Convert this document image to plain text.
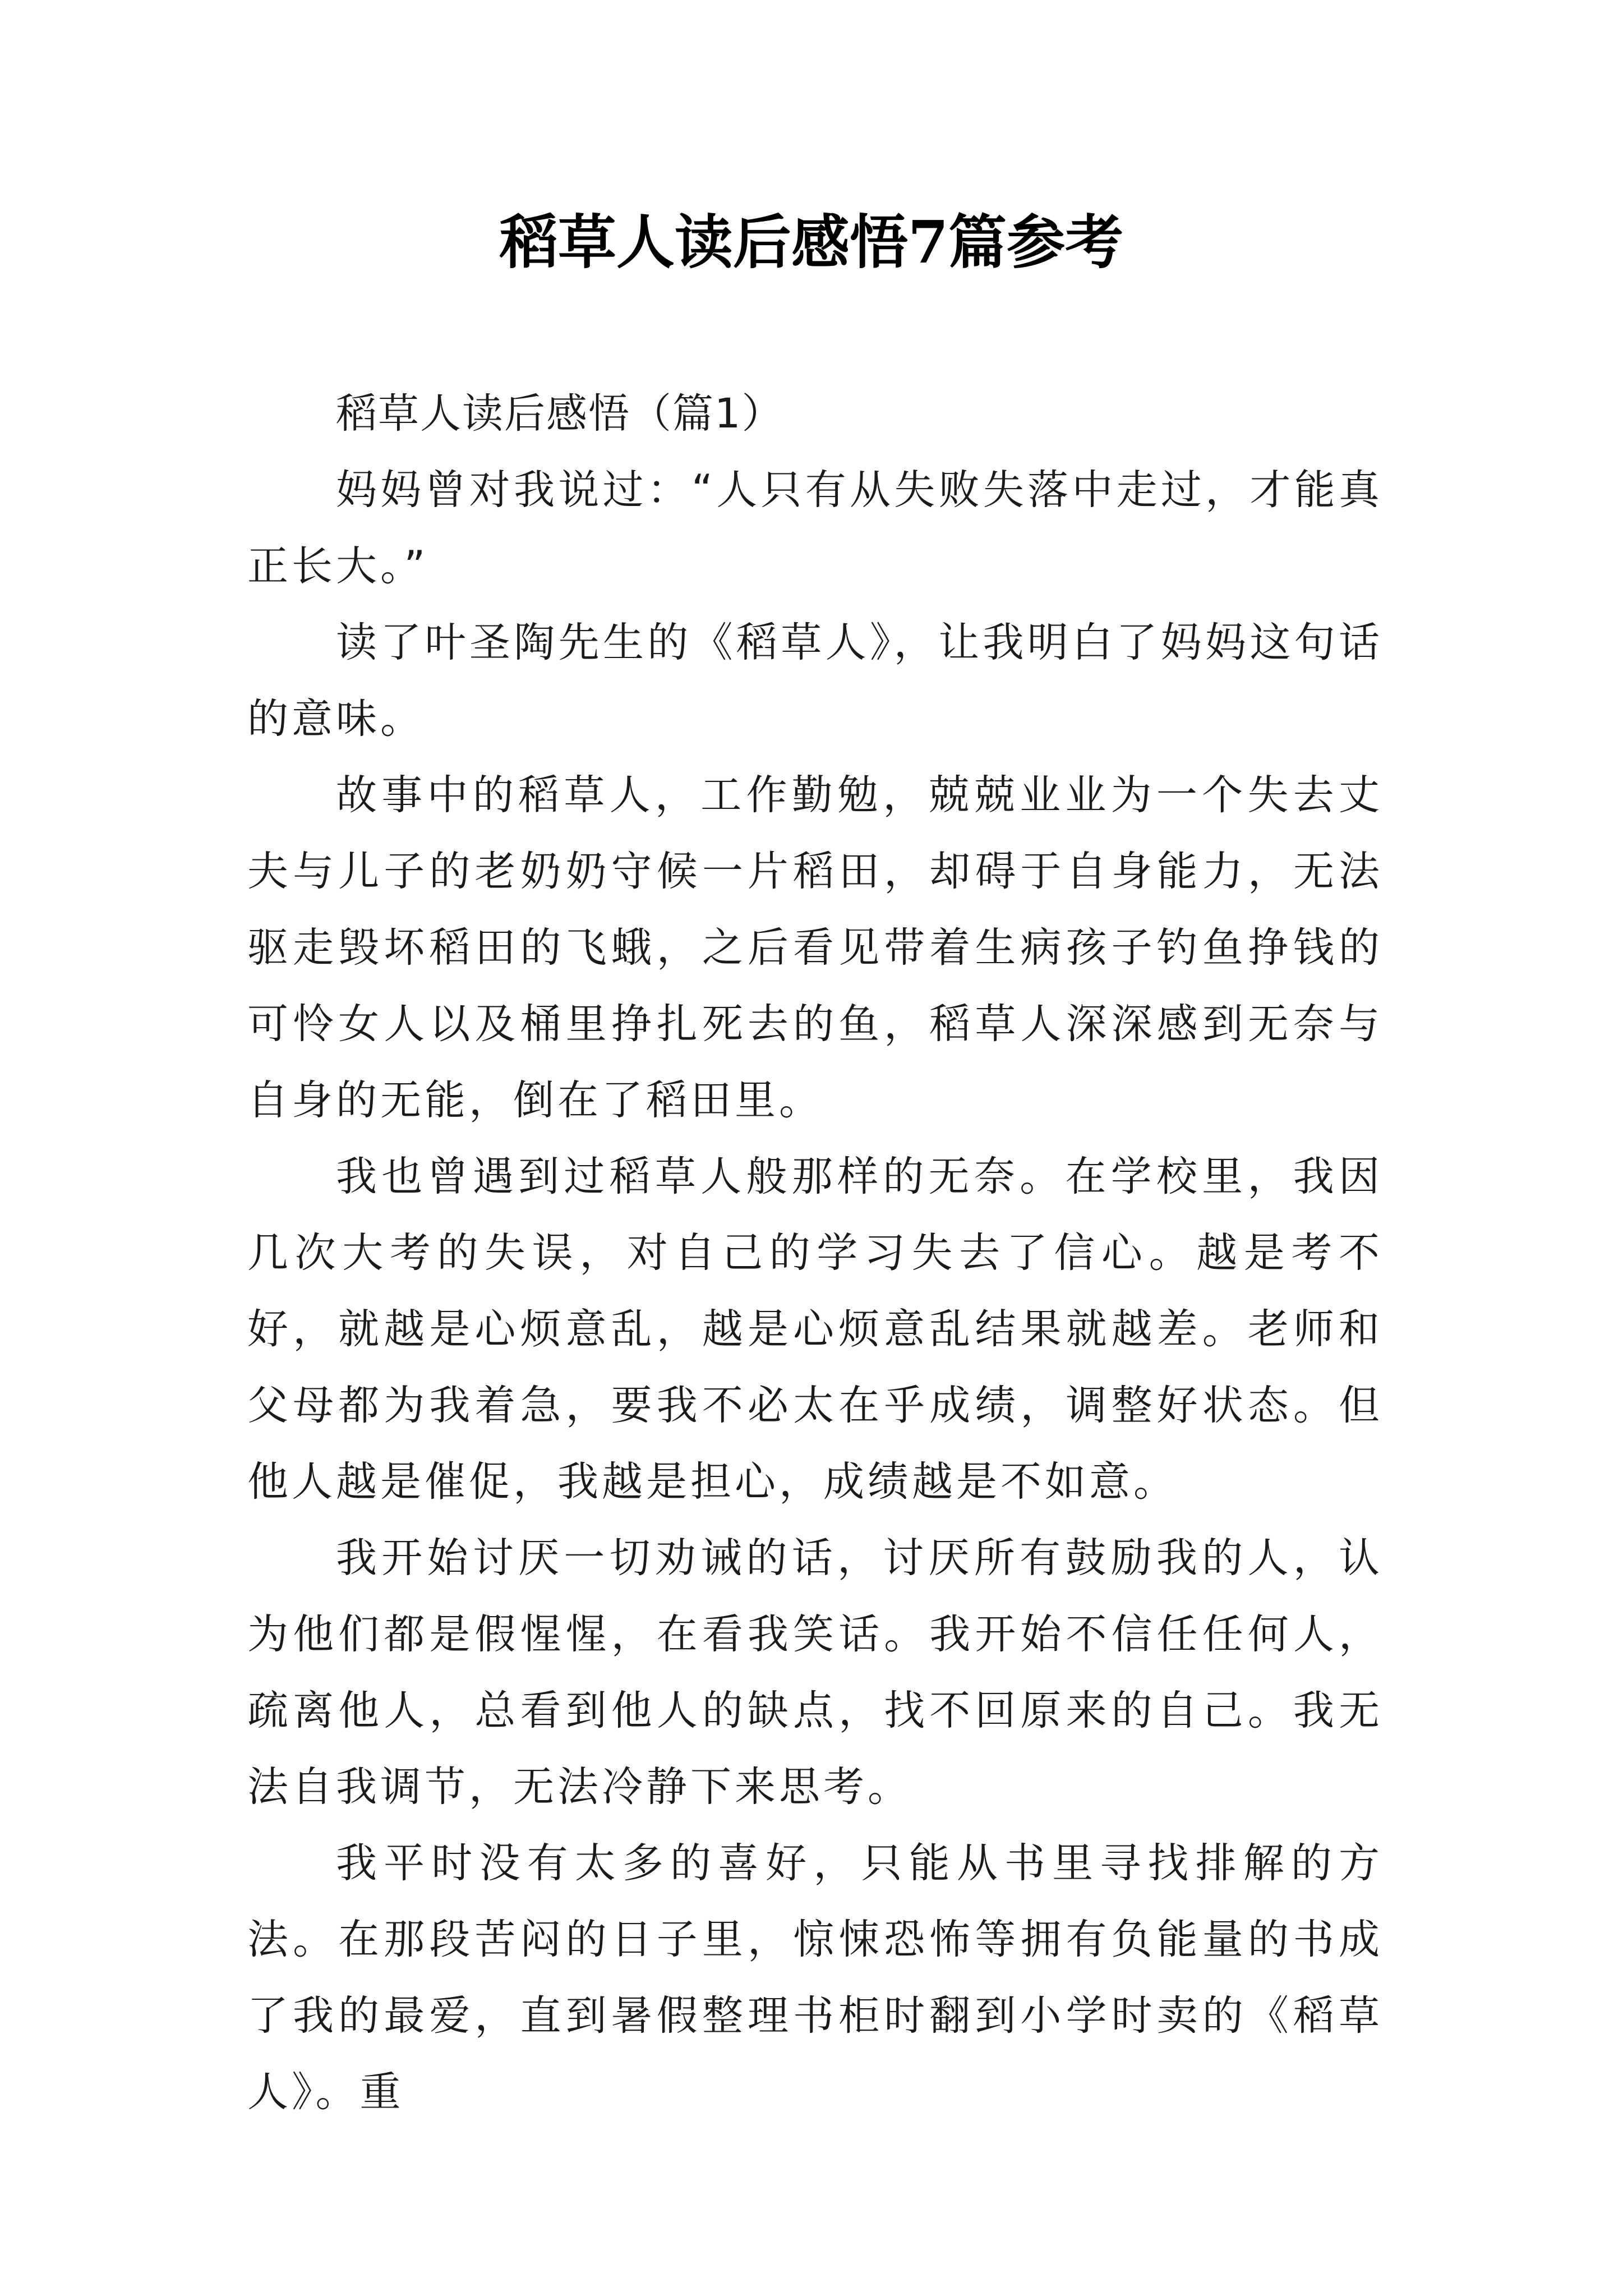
稻草人读后感悟7篇参考

稻草人读后感悟（篇1）

妈妈曾对我说过：“人只有从失败失落中走过，才能真正长大。”

读了叶圣陶先生的《稻草人》，让我明白了妈妈这句话的意味。

故事中的稻草人，工作勤勉，兢兢业业为一个失去丈夫与儿子的老奶奶守候一片稻田，却碍于自身能力，无法驱走毁坏稻田的飞蛾，之后看见带着生病孩子钓鱼挣钱的可怜女人以及桶里挣扎死去的鱼，稻草人深深感到无奈与自身的无能，倒在了稻田里。

我也曾遇到过稻草人般那样的无奈。在学校里，我因几次大考的失误，对自己的学习失去了信心。越是考不好，就越是心烦意乱，越是心烦意乱结果就越差。老师和父母都为我着急，要我不必太在乎成绩，调整好状态。但他人越是催促，我越是担心，成绩越是不如意。

我开始讨厌一切劝诫的话，讨厌所有鼓励我的人，认为他们都是假惺惺，在看我笑话。我开始不信任任何人，疏离他人，总看到他人的缺点，找不回原来的自己。我无法自我调节，无法冷静下来思考。

我平时没有太多的喜好，只能从书里寻找排解的方法。在那段苦闷的日子里，惊悚恐怖等拥有负能量的书成了我的最爱，直到暑假整理书柜时翻到小学时卖的《稻草人》。重
